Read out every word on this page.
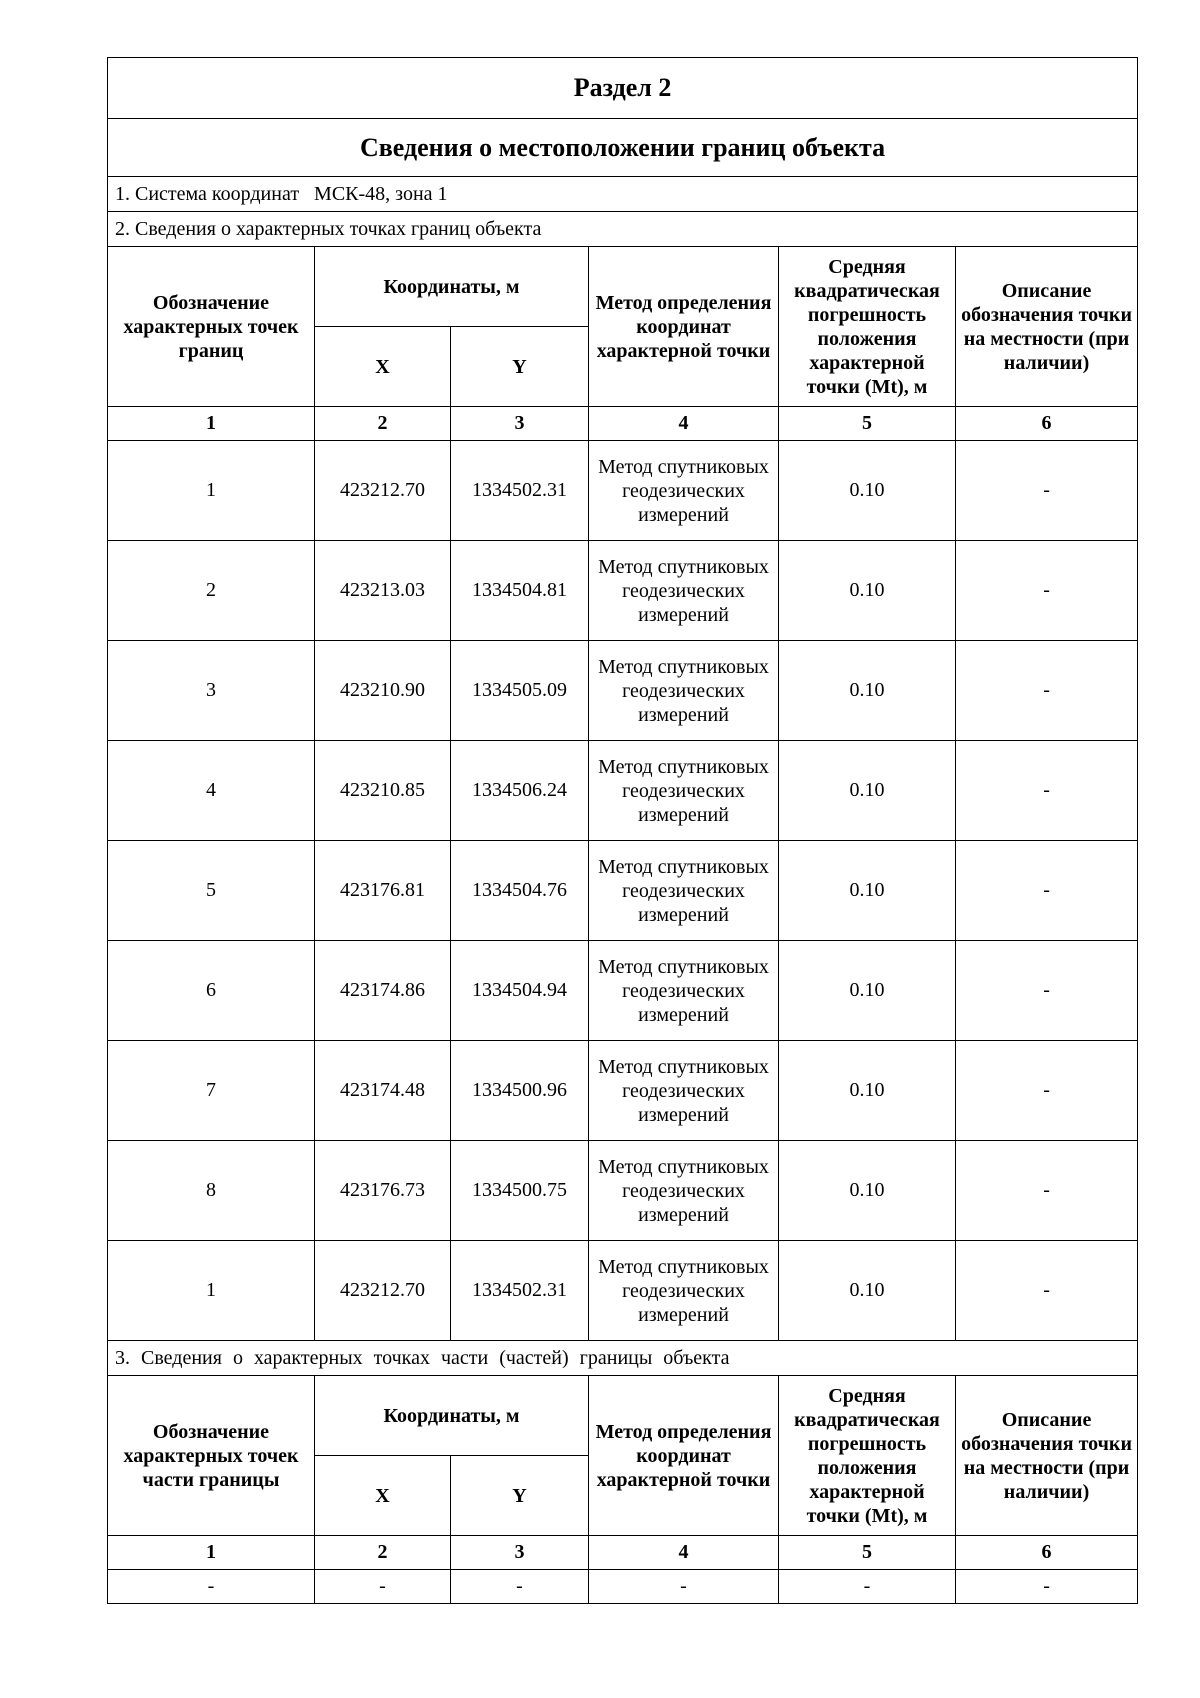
Раздел 2					
Сведения о местоположении границ объекта					
1. Система координат   МСК-48, зона 1					
2. Сведения о характерных точках границ объекта					
Обозначение характерных точек границ	Координаты, м		Метод определения координат характерной точки	Средняя квадратическая погрешность положения характерной точки (Mt), м	Описание обозначения точки на местности (при наличии)
	X	Y			
1	2	3	4	5	6
1	423212.70	1334502.31	Метод спутниковых геодезических измерений	0.10	-
2	423213.03	1334504.81	Метод спутниковых геодезических измерений	0.10	-
3	423210.90	1334505.09	Метод спутниковых геодезических измерений	0.10	-
4	423210.85	1334506.24	Метод спутниковых геодезических измерений	0.10	-
5	423176.81	1334504.76	Метод спутниковых геодезических измерений	0.10	-
6	423174.86	1334504.94	Метод спутниковых геодезических измерений	0.10	-
7	423174.48	1334500.96	Метод спутниковых геодезических измерений	0.10	-
8	423176.73	1334500.75	Метод спутниковых геодезических измерений	0.10	-
1	423212.70	1334502.31	Метод спутниковых геодезических измерений	0.10	-
3. Сведения о характерных точках части (частей) границы объекта					
Обозначение характерных точек части границы	Координаты, м		Метод определения координат характерной точки	Средняя квадратическая погрешность положения характерной точки (Mt), м	Описание обозначения точки на местности (при наличии)
	X	Y			
1	2	3	4	5	6
-	-	-	-	-	-
